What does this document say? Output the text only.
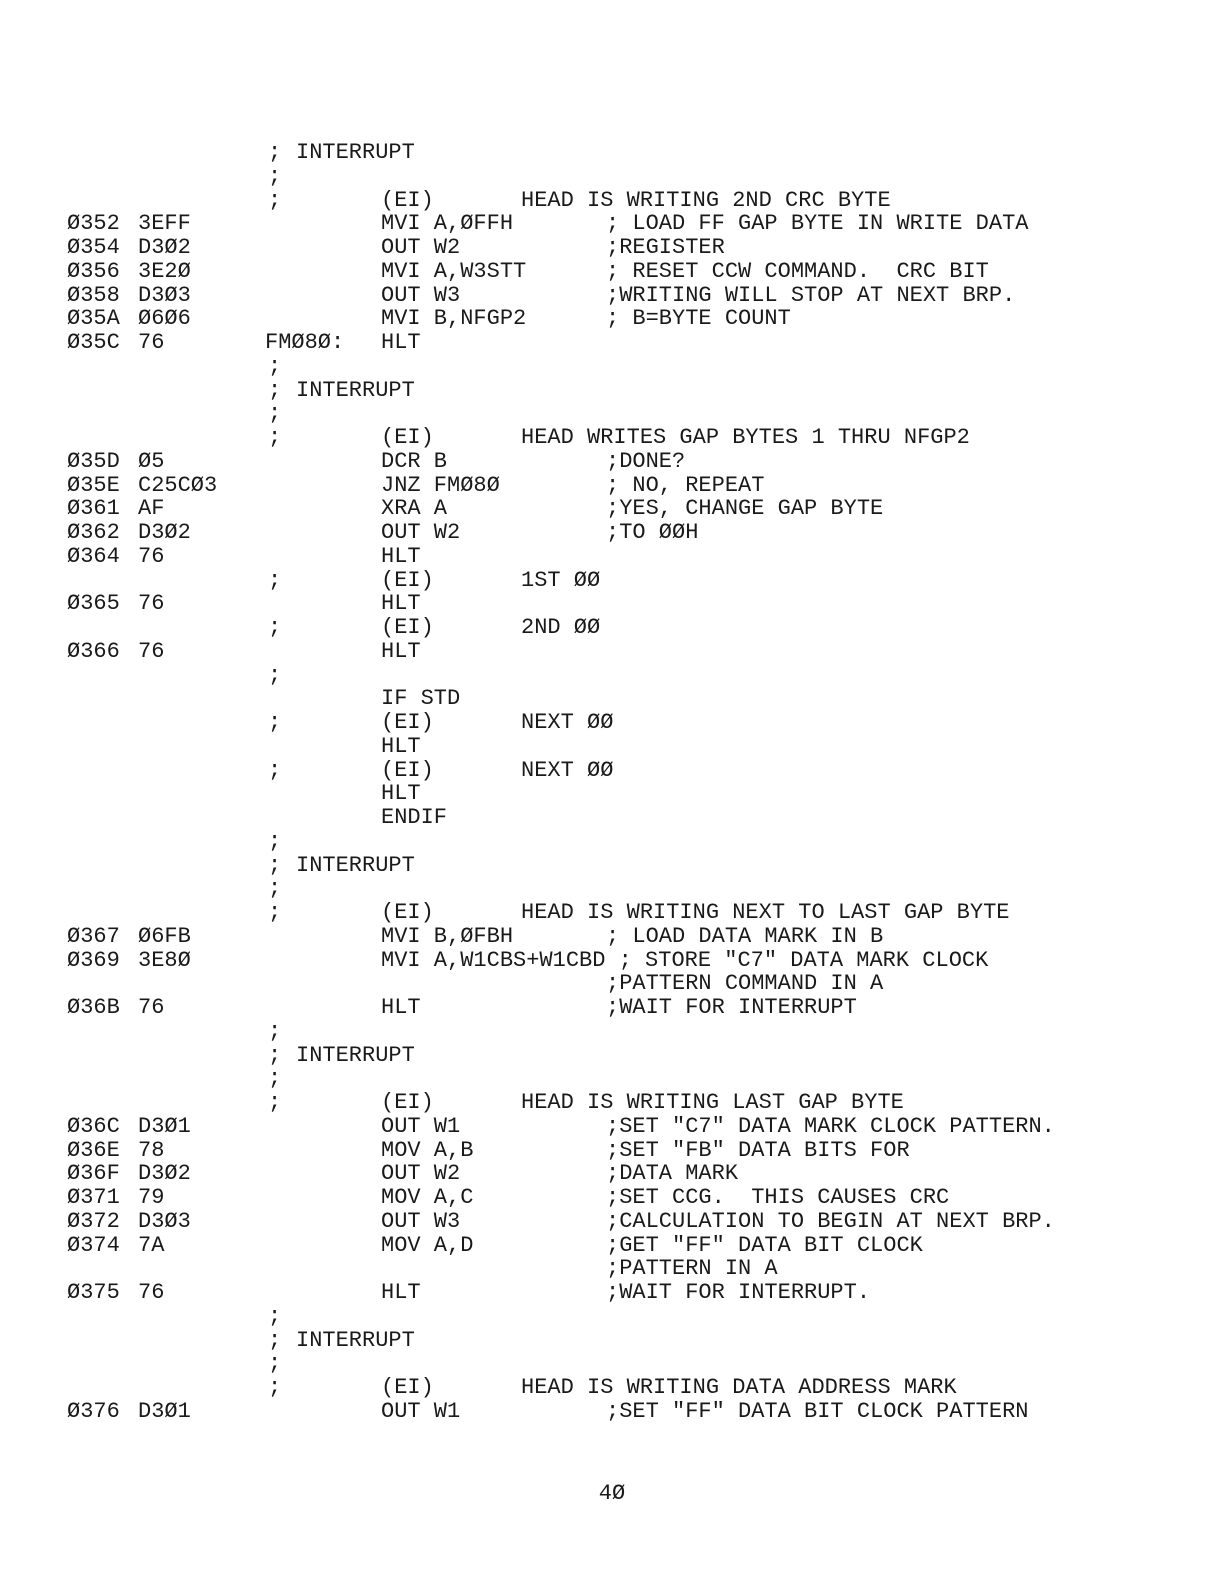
; INTERRUPT
;
;	(EI)	HEAD IS WRITING 2ND CRC BYTE
Ø352 3EFF	MVI A,ØFFH	; LOAD FF GAP BYTE IN WRITE DATA
Ø354 D3Ø2	OUT W2	;REGISTER
Ø356 3E2Ø	MVI A,W3STT	; RESET CCW COMMAND.  CRC BIT
Ø358 D3Ø3	OUT W3	;WRITING WILL STOP AT NEXT BRP.
Ø35A Ø6Ø6	MVI B,NFGP2	; B=BYTE COUNT
Ø35C 76	FMØ8Ø: HLT
;
; INTERRUPT
;
;	(EI)	HEAD WRITES GAP BYTES 1 THRU NFGP2
Ø35D Ø5	DCR B	;DONE?
Ø35E C25CØ3	JNZ FMØ8Ø	; NO, REPEAT
Ø361 AF	XRA A	;YES, CHANGE GAP BYTE
Ø362 D3Ø2	OUT W2	;TO ØØH
Ø364 76	HLT
;	(EI)	1ST ØØ
Ø365 76	HLT
;	(EI)	2ND ØØ
Ø366 76	HLT
;
IF STD
;	(EI)	NEXT ØØ
HLT
;	(EI)	NEXT ØØ
HLT
ENDIF
;
; INTERRUPT
;
;	(EI)	HEAD IS WRITING NEXT TO LAST GAP BYTE
Ø367 Ø6FB	MVI B,ØFBH	; LOAD DATA MARK IN B
Ø369 3E8Ø	MVI A,W1CBS+W1CBD ; STORE "C7" DATA MARK CLOCK
;PATTERN COMMAND IN A
Ø36B 76	HLT	;WAIT FOR INTERRUPT
;
; INTERRUPT
;
;	(EI)	HEAD IS WRITING LAST GAP BYTE
Ø36C D3Ø1	OUT W1	;SET "C7" DATA MARK CLOCK PATTERN.
Ø36E 78	MOV A,B	;SET "FB" DATA BITS FOR
Ø36F D3Ø2	OUT W2	;DATA MARK
Ø371 79	MOV A,C	;SET CCG.  THIS CAUSES CRC
Ø372 D3Ø3	OUT W3	;CALCULATION TO BEGIN AT NEXT BRP.
Ø374 7A	MOV A,D	;GET "FF" DATA BIT CLOCK
;PATTERN IN A
Ø375 76	HLT	;WAIT FOR INTERRUPT.
;
; INTERRUPT
;
;	(EI)	HEAD IS WRITING DATA ADDRESS MARK
Ø376 D3Ø1	OUT W1	;SET "FF" DATA BIT CLOCK PATTERN
4Ø
